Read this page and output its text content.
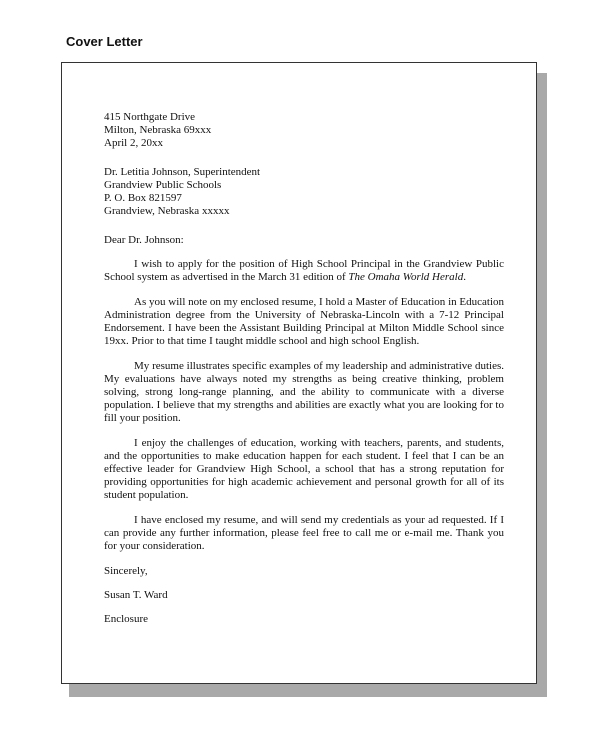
Cover Letter
415 Northgate Drive
Milton, Nebraska 69xxx
April 2, 20xx
Dr. Letitia Johnson, Superintendent
Grandview Public Schools
P. O. Box 821597
Grandview, Nebraska xxxxx

Dear Dr. Johnson:

I wish to apply for the position of High School Principal in the Grandview Public School system as advertised in the March 31 edition of The Omaha World Herald.

As you will note on my enclosed resume, I hold a Master of Education in Education Administration degree from the University of Nebraska-Lincoln with a 7-12 Principal Endorsement. I have been the Assistant Building Principal at Milton Middle School since 19xx. Prior to that time I taught middle school and high school English.

My resume illustrates specific examples of my leadership and administrative duties. My evaluations have always noted my strengths as being creative thinking, problem solving, strong long-range planning, and the ability to communicate with a diverse population. I believe that my strengths and abilities are exactly what you are looking for to fill your position.

I enjoy the challenges of education, working with teachers, parents, and students, and the opportunities to make education happen for each student. I feel that I can be an effective leader for Grandview High School, a school that has a strong reputation for providing opportunities for high academic achievement and personal growth for all of its student population.

I have enclosed my resume, and will send my credentials as your ad requested. If I can provide any further information, please feel free to call me or e-mail me. Thank you for your consideration.

Sincerely,

Susan T. Ward

Enclosure
